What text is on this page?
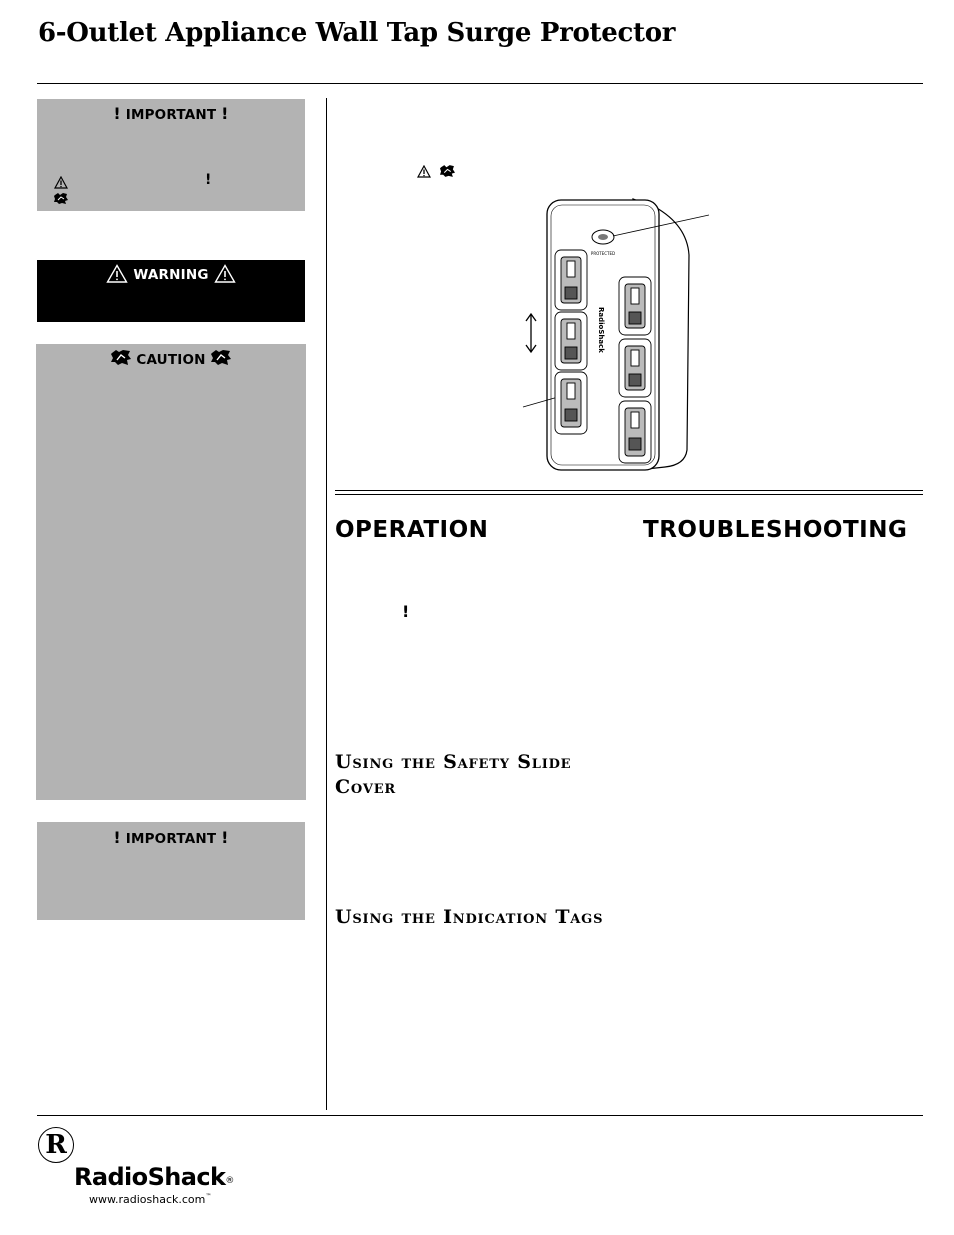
6-Outlet Appliance Wall Tap Surge Protector
! IMPORTANT !
!
WARNING
CAUTION
! IMPORTANT !
PROTECTED
RadioShack
OPERATION	TROUBLESHOOTING
!
Using the Safety Slide
Cover
Using the Indication Tags
R
RadioShack®
www.radioshack.com™
